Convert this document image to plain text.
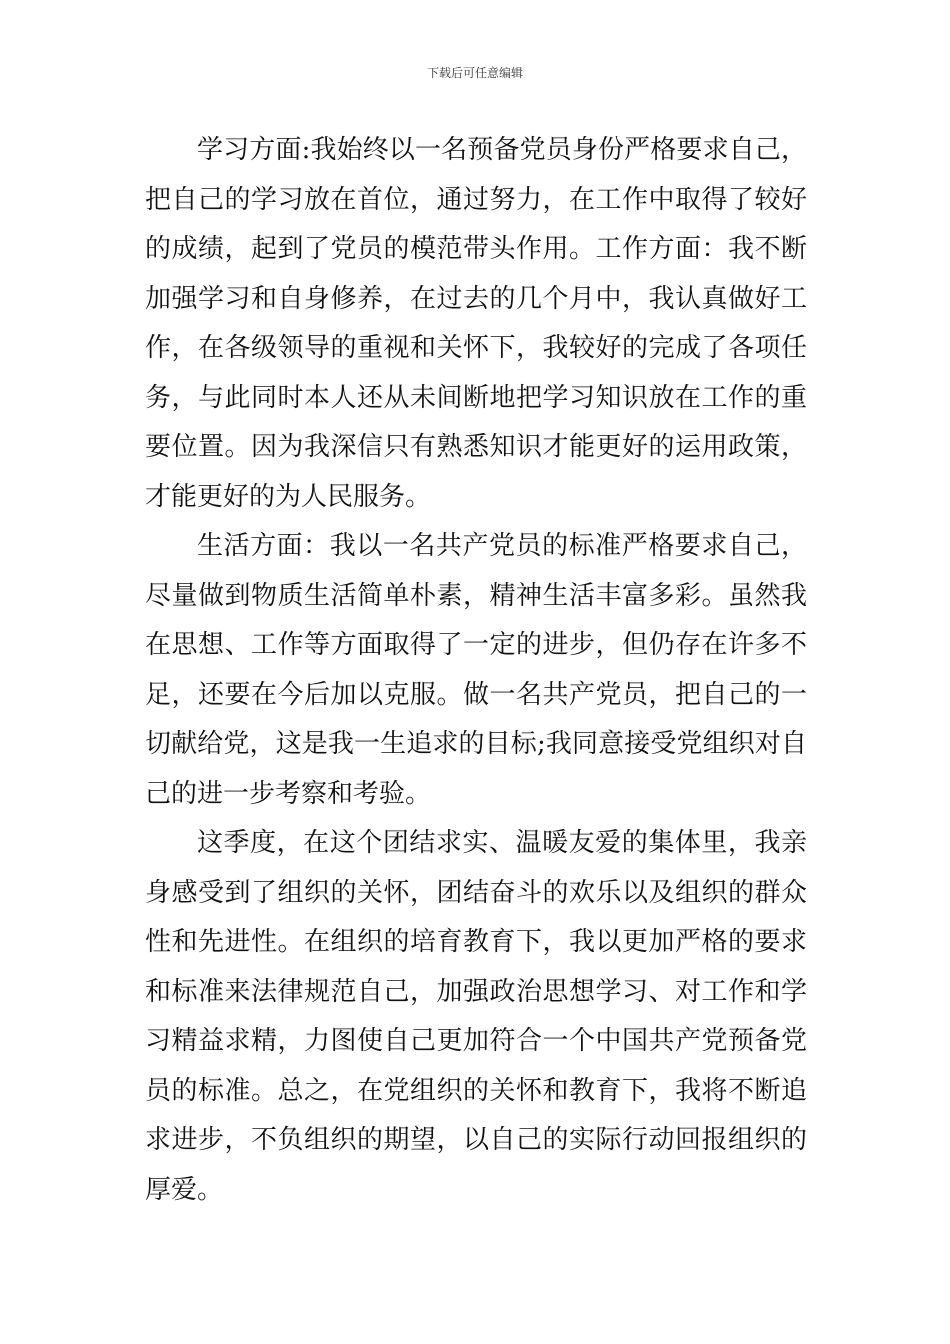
下载后可任意编辑

学习方面:我始终以一名预备党员身份严格要求自己，把自己的学习放在首位，通过努力，在工作中取得了较好的成绩，起到了党员的模范带头作用。工作方面：我不断加强学习和自身修养，在过去的几个月中，我认真做好工作，在各级领导的重视和关怀下，我较好的完成了各项任务，与此同时本人还从未间断地把学习知识放在工作的重要位置。因为我深信只有熟悉知识才能更好的运用政策，才能更好的为人民服务。

生活方面：我以一名共产党员的标准严格要求自己，尽量做到物质生活简单朴素，精神生活丰富多彩。虽然我在思想、工作等方面取得了一定的进步，但仍存在许多不足，还要在今后加以克服。做一名共产党员，把自己的一切献给党，这是我一生追求的目标;我同意接受党组织对自己的进一步考察和考验。

这季度，在这个团结求实、温暖友爱的集体里，我亲身感受到了组织的关怀，团结奋斗的欢乐以及组织的群众性和先进性。在组织的培育教育下，我以更加严格的要求和标准来法律规范自己，加强政治思想学习、对工作和学习精益求精，力图使自己更加符合一个中国共产党预备党员的标准。总之，在党组织的关怀和教育下，我将不断追求进步，不负组织的期望，以自己的实际行动回报组织的厚爱。
